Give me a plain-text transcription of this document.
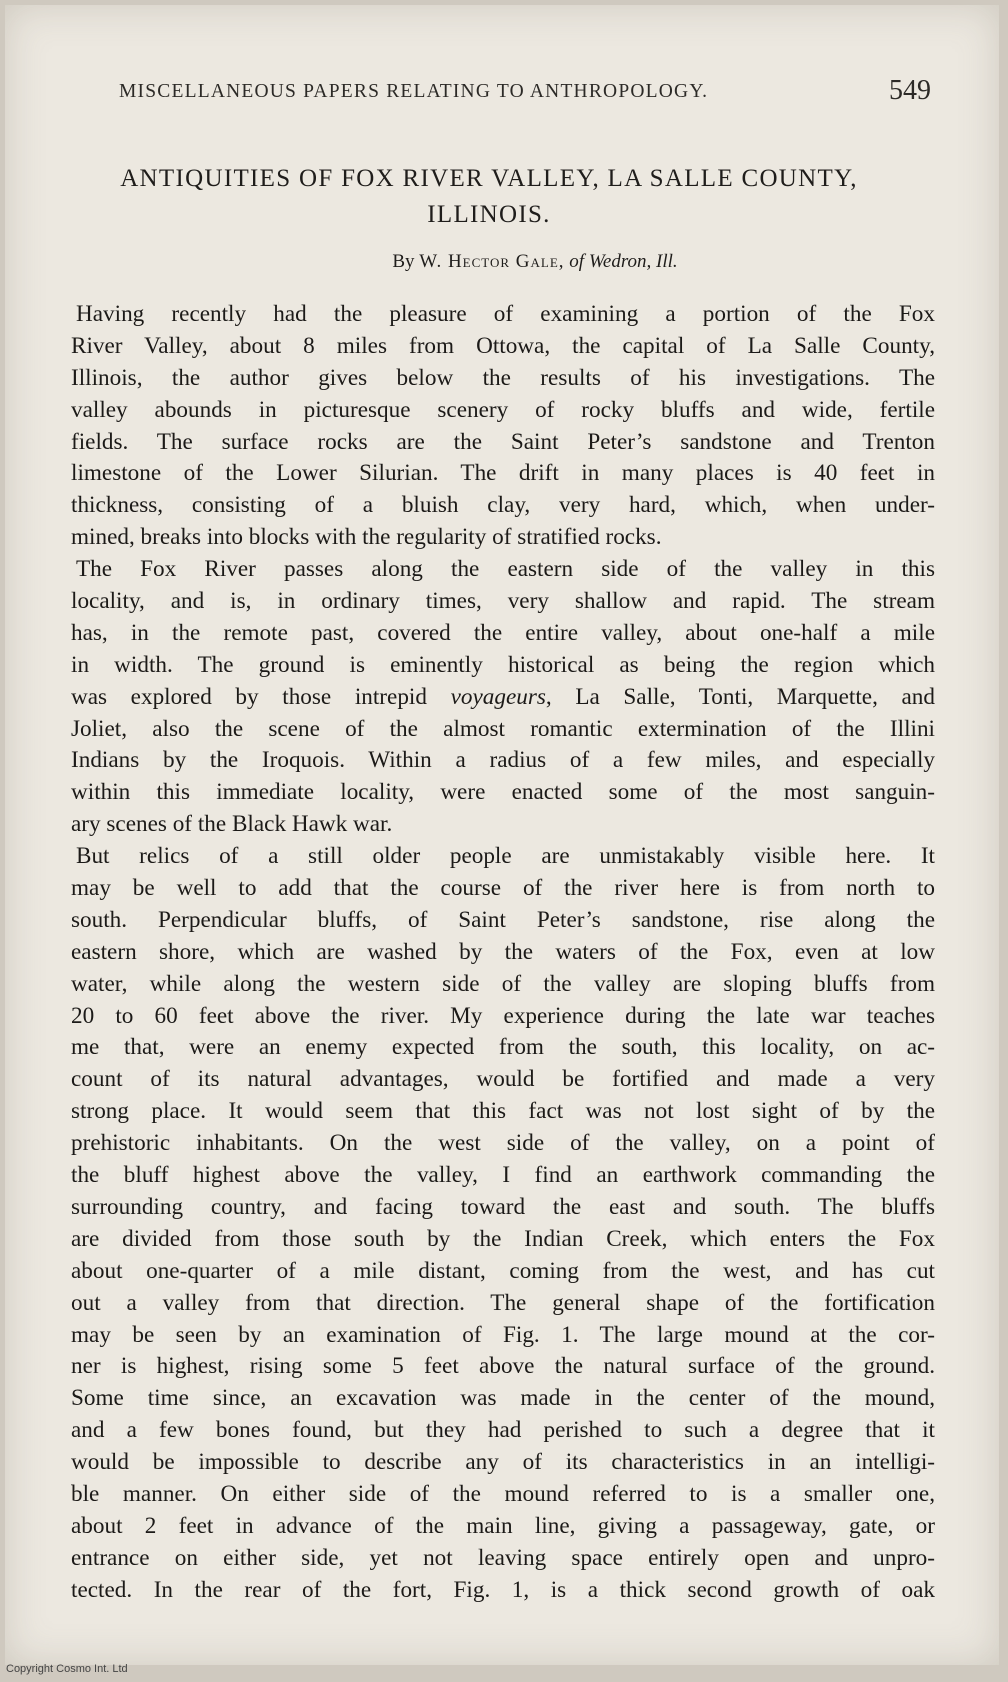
MISCELLANEOUS PAPERS RELATING TO ANTHROPOLOGY.	549
ANTIQUITIES OF FOX RIVER VALLEY, LA SALLE COUNTY,
ILLINOIS.
By W. Hector Gale, of Wedron, Ill.
Having recently had the pleasure of examining a portion of the Fox
River Valley, about 8 miles from Ottowa, the capital of La Salle County,
Illinois, the author gives below the results of his investigations. The
valley abounds in picturesque scenery of rocky bluffs and wide, fertile
fields. The surface rocks are the Saint Peter’s sandstone and Trenton
limestone of the Lower Silurian. The drift in many places is 40 feet in
thickness, consisting of a bluish clay, very hard, which, when under-
mined, breaks into blocks with the regularity of stratified rocks.
The Fox River passes along the eastern side of the valley in this
locality, and is, in ordinary times, very shallow and rapid. The stream
has, in the remote past, covered the entire valley, about one-half a mile
in width. The ground is eminently historical as being the region which
was explored by those intrepid voyageurs, La Salle, Tonti, Marquette, and
Joliet, also the scene of the almost romantic extermination of the Illini
Indians by the Iroquois. Within a radius of a few miles, and especially
within this immediate locality, were enacted some of the most sanguin-
ary scenes of the Black Hawk war.
But relics of a still older people are unmistakably visible here. It
may be well to add that the course of the river here is from north to
south. Perpendicular bluffs, of Saint Peter’s sandstone, rise along the
eastern shore, which are washed by the waters of the Fox, even at low
water, while along the western side of the valley are sloping bluffs from
20 to 60 feet above the river. My experience during the late war teaches
me that, were an enemy expected from the south, this locality, on ac-
count of its natural advantages, would be fortified and made a very
strong place. It would seem that this fact was not lost sight of by the
prehistoric inhabitants. On the west side of the valley, on a point of
the bluff highest above the valley, I find an earthwork commanding the
surrounding country, and facing toward the east and south. The bluffs
are divided from those south by the Indian Creek, which enters the Fox
about one-quarter of a mile distant, coming from the west, and has cut
out a valley from that direction. The general shape of the fortification
may be seen by an examination of Fig. 1. The large mound at the cor-
ner is highest, rising some 5 feet above the natural surface of the ground.
Some time since, an excavation was made in the center of the mound,
and a few bones found, but they had perished to such a degree that it
would be impossible to describe any of its characteristics in an intelligi-
ble manner. On either side of the mound referred to is a smaller one,
about 2 feet in advance of the main line, giving a passageway, gate, or
entrance on either side, yet not leaving space entirely open and unpro-
tected. In the rear of the fort, Fig. 1, is a thick second growth of oak
Copyright Cosmo Int. Ltd
